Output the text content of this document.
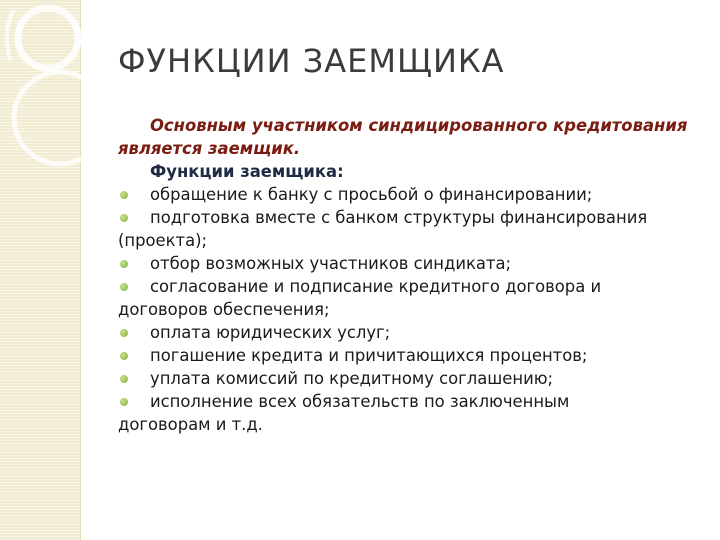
ФУНКЦИИ ЗАЕМЩИКА

Основным участником синдицированного кредитования является заемщик.

Функции заемщика:

обращение к банку с просьбой о финансировании;
подготовка вместе с банком структуры финансирования
(проекта);
отбор возможных участников синдиката;
согласование и подписание кредитного договора и
договоров обеспечения;
оплата юридических услуг;
погашение кредита и причитающихся процентов;
уплата комиссий по кредитному соглашению;
исполнение всех обязательств по заключенным
договорам и т.д.
